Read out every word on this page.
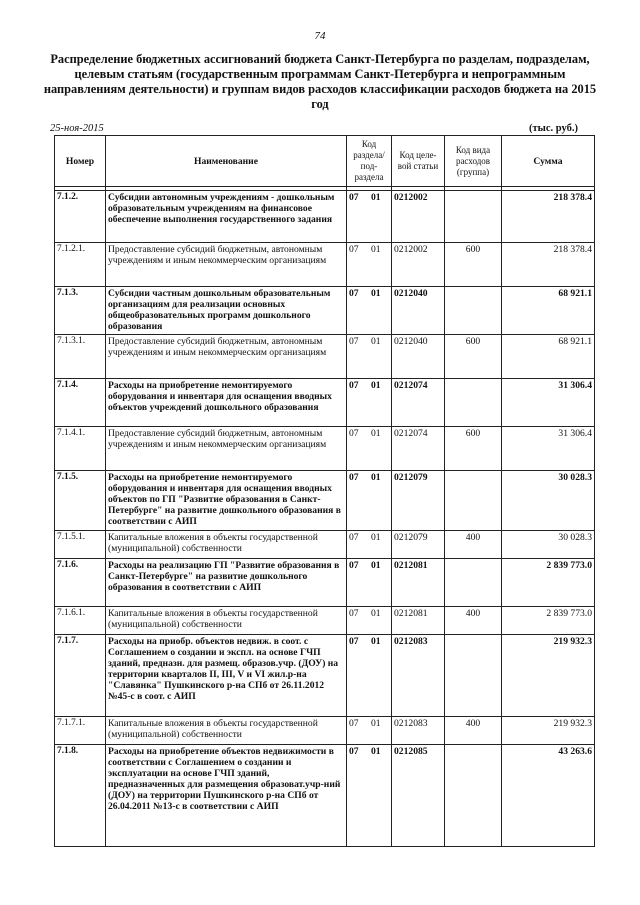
74
Распределение бюджетных ассигнований бюджета Санкт-Петербурга по разделам, подразделам, целевым статьям (государственным программам Санкт-Петербурга и непрограммным направлениям деятельности) и группам видов расходов классификации расходов бюджета на 2015 год
25-ноя-2015	(тыс. руб.)
Номер	Наименование	Код раздела/ под- раздела	Код целе- вой статьи	Код вида расходов (группа)	Сумма

7.1.2.	Субсидии автономным учреждениям - дошкольным образовательным учреждениям на финансовое обеспечение выполнения государственного задания	07 01	0212002		218 378.4
7.1.2.1.	Предоставление субсидий бюджетным, автономным учреждениям и иным некоммерческим организациям	07 01	0212002	600	218 378.4
7.1.3.	Субсидии частным дошкольным образовательным организациям для реализации основных общеобразовательных программ дошкольного образования	07 01	0212040		68 921.1
7.1.3.1.	Предоставление субсидий бюджетным, автономным учреждениям и иным некоммерческим организациям	07 01	0212040	600	68 921.1
7.1.4.	Расходы на приобретение немонтируемого оборудования и инвентаря для оснащения вводных объектов учреждений дошкольного образования	07 01	0212074		31 306.4
7.1.4.1.	Предоставление субсидий бюджетным, автономным учреждениям и иным некоммерческим организациям	07 01	0212074	600	31 306.4
7.1.5.	Расходы на приобретение немонтируемого оборудования и инвентаря для оснащения вводных объектов по ГП "Развитие образования в Санкт-Петербурге" на развитие дошкольного образования в соответствии с АИП	07 01	0212079		30 028.3
7.1.5.1.	Капитальные вложения в объекты государственной (муниципальной) собственности	07 01	0212079	400	30 028.3
7.1.6.	Расходы на реализацию ГП "Развитие образования в Санкт-Петербурге" на развитие дошкольного образования в соответствии с АИП	07 01	0212081		2 839 773.0
7.1.6.1.	Капитальные вложения в объекты государственной (муниципальной) собственности	07 01	0212081	400	2 839 773.0
7.1.7.	Расходы на приобр. объектов недвиж. в соот. с Соглашением о создании и экспл. на основе ГЧП зданий, предназн. для размещ. образов.учр. (ДОУ) на территории кварталов II, III, V и VI жил.р-на "Славянка" Пушкинского р-на СПб от 26.11.2012 №45-с в соот. с АИП	07 01	0212083		219 932.3
7.1.7.1.	Капитальные вложения в объекты государственной (муниципальной) собственности	07 01	0212083	400	219 932.3
7.1.8.	Расходы на приобретение объектов недвижимости в соответствии с Соглашением о создании и эксплуатации на основе ГЧП зданий, предназначенных для размещения образоват.учр-ний (ДОУ) на территории Пушкинского р-на СПб от 26.04.2011 №13-с в соответствии с АИП	07 01	0212085		43 263.6
